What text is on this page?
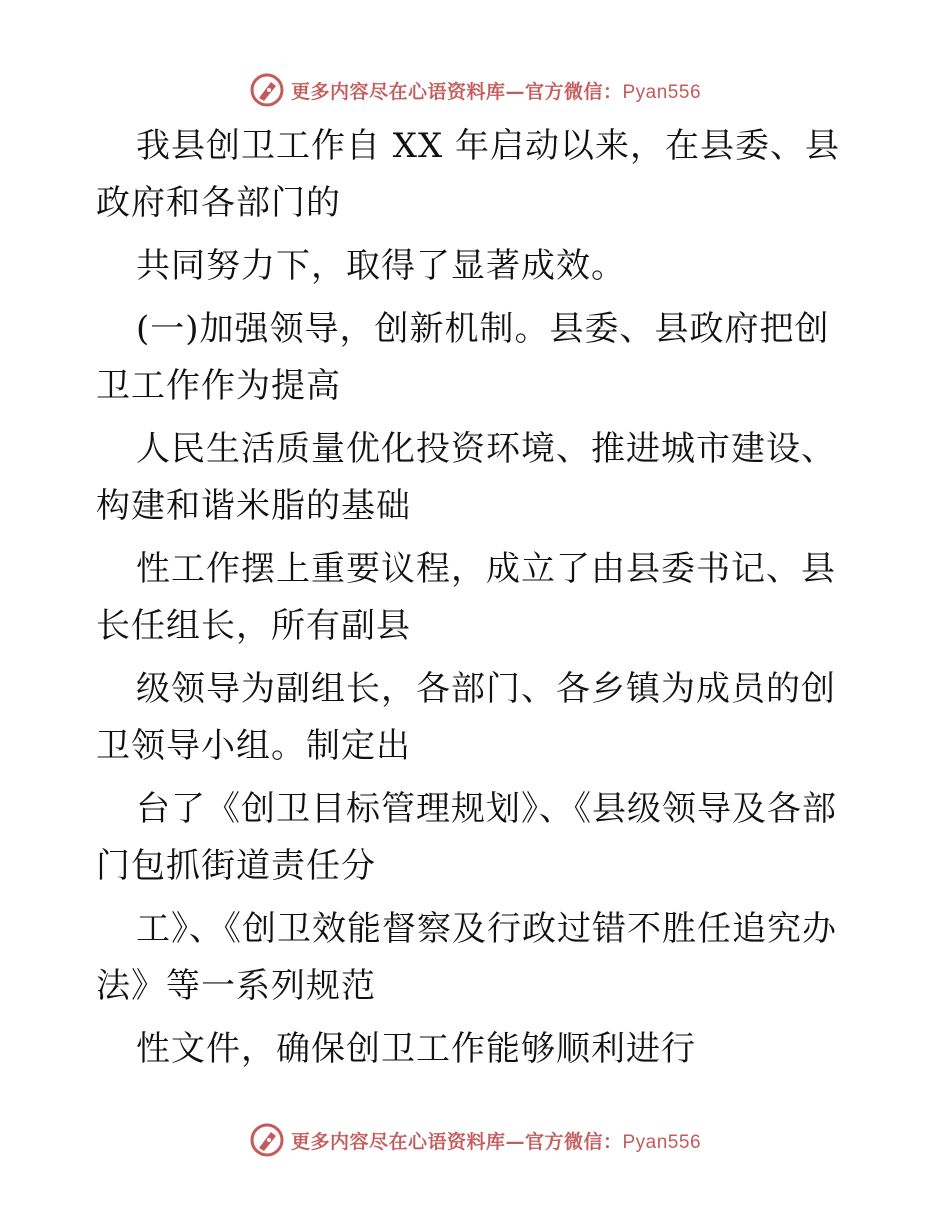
更多内容尽在心语资料库—官方微信：Pyan556

我县创卫工作自 XX 年启动以来，在县委、县政府和各部门的

共同努力下，取得了显著成效。

(一)加强领导，创新机制。县委、县政府把创卫工作作为提高

人民生活质量优化投资环境、推进城市建设、构建和谐米脂的基础

性工作摆上重要议程，成立了由县委书记、县长任组长，所有副县

级领导为副组长，各部门、各乡镇为成员的创卫领导小组。制定出

台了《创卫目标管理规划》、《县级领导及各部门包抓街道责任分

工》、《创卫效能督察及行政过错不胜任追究办法》等一系列规范

性文件，确保创卫工作能够顺利进行

更多内容尽在心语资料库—官方微信：Pyan556
